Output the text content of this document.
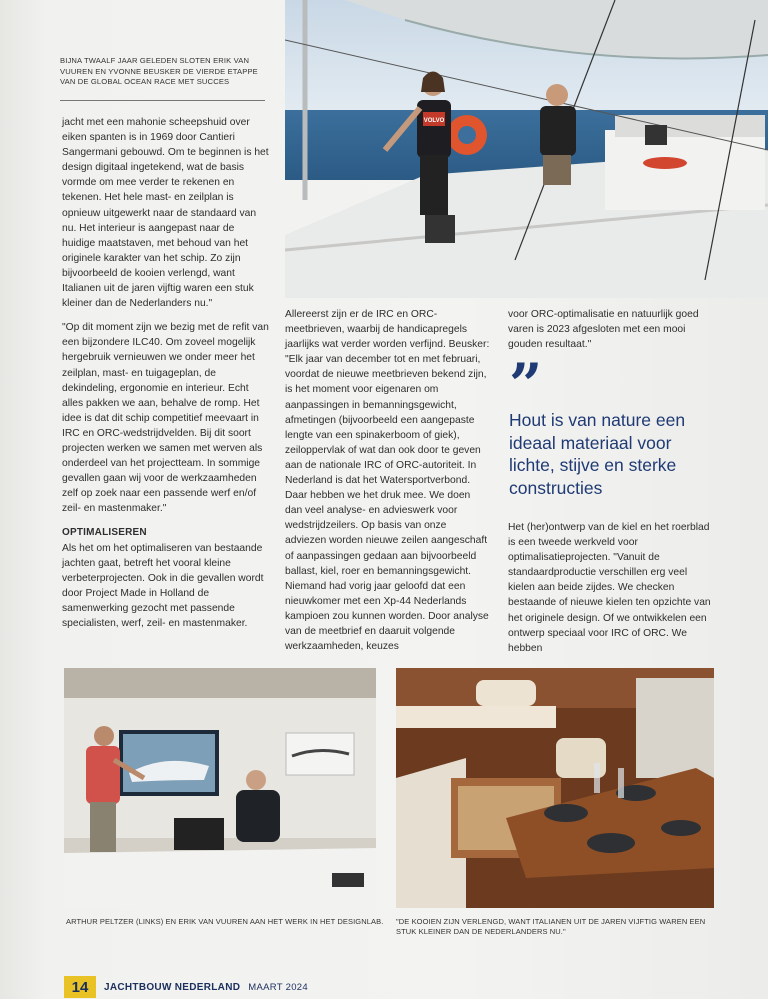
VOLVO
BIJNA TWAALF JAAR GELEDEN SLOTEN ERIK VAN VUUREN EN YVONNE BEUSKER DE VIERDE ETAPPE VAN DE GLOBAL OCEAN RACE MET SUCCES

jacht met een mahonie scheepshuid over eiken spanten is in 1969 door Cantieri Sangermani gebouwd. Om te beginnen is het design digitaal ingetekend, wat de basis vormde om mee verder te rekenen en tekenen. Het hele mast- en zeilplan is opnieuw uitgewerkt naar de standaard van nu. Het interieur is aangepast naar de huidige maatstaven, met behoud van het originele karakter van het schip. Zo zijn bijvoorbeeld de kooien verlengd, want Italianen uit de jaren vijftig waren een stuk kleiner dan de Nederlanders nu."

"Op dit moment zijn we bezig met de refit van een bijzondere ILC40. Om zoveel mogelijk hergebruik vernieuwen we onder meer het zeilplan, mast- en tuigageplan, de dekindeling, ergonomie en interieur. Echt alles pakken we aan, behalve de romp. Het idee is dat dit schip competitief meevaart in IRC en ORC-wedstrijdvelden. Bij dit soort projecten werken we samen met werven als onderdeel van het projectteam. In sommige gevallen gaan wij voor de werkzaamheden zelf op zoek naar een passende werf en/of zeil- en mastenmaker."

OPTIMALISEREN

Als het om het optimaliseren van bestaande jachten gaat, betreft het vooral kleine verbeterprojecten. Ook in die gevallen wordt door Project Made in Holland de samenwerking gezocht met passende specialisten, werf, zeil- en mastenmaker.

Allereerst zijn er de IRC en ORC-meetbrieven, waarbij de handicapregels jaarlijks wat verder worden verfijnd. Beusker: "Elk jaar van december tot en met februari, voordat de nieuwe meetbrieven bekend zijn, is het moment voor eigenaren om aanpassingen in bemanningsgewicht, afmetingen (bijvoorbeeld een aangepaste lengte van een spinakerboom of giek), zeiloppervlak of wat dan ook door te geven aan de nationale IRC of ORC-autoriteit. In Nederland is dat het Watersportverbond. Daar hebben we het druk mee. We doen dan veel analyse- en advieswerk voor wedstrijdzeilers. Op basis van onze adviezen worden nieuwe zeilen aangeschaft of aanpassingen gedaan aan bijvoorbeeld ballast, kiel, roer en bemanningsgewicht. Niemand had vorig jaar geloofd dat een nieuwkomer met een Xp-44 Nederlands kampioen zou kunnen worden. Door analyse van de meetbrief en daaruit volgende werkzaamheden, keuzes

voor ORC-optimalisatie en natuurlijk goed varen is 2023 afgesloten met een mooi gouden resultaat."

”
Hout is van nature een ideaal materiaal voor lichte, stijve en sterke constructies

Het (her)ontwerp van de kiel en het roerblad is een tweede werkveld voor optimalisatieprojecten. "Vanuit de standaardproductie verschillen erg veel kielen aan beide zijdes. We checken bestaande of nieuwe kielen ten opzichte van het originele design. Of we ontwikkelen een ontwerp speciaal voor IRC of ORC. We hebben

ARTHUR PELTZER (LINKS) EN ERIK VAN VUUREN AAN HET WERK IN HET DESIGNLAB.	"DE KOOIEN ZIJN VERLENGD, WANT ITALIANEN UIT DE JAREN VIJFTIG WAREN EEN STUK KLEINER DAN DE NEDERLANDERS NU."
14	JACHTBOUW NEDERLAND MAART 2024
